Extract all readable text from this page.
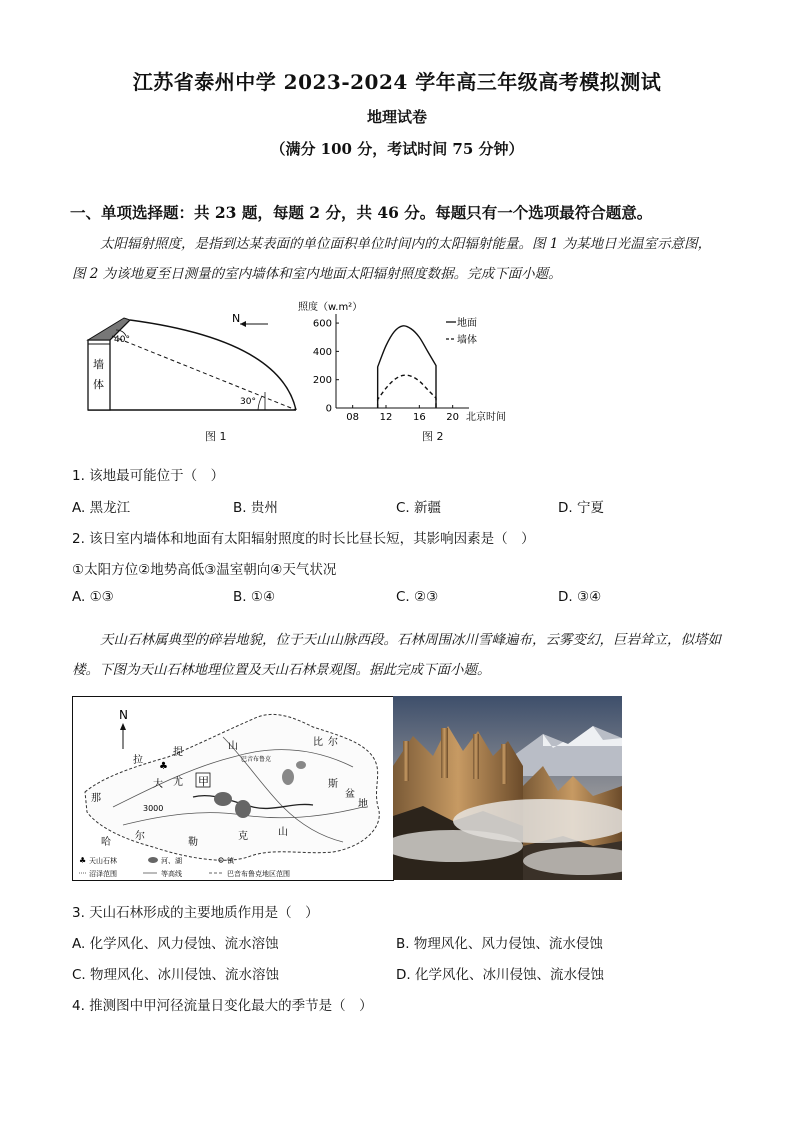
江苏省泰州中学 2023-2024 学年高三年级高考模拟测试
地理试卷
（满分 100 分，考试时间 75 分钟）
一、单项选择题：共 23 题，每题 2 分，共 46 分。每题只有一个选项最符合题意。
太阳辐射照度，是指到达某表面的单位面积单位时间内的太阳辐射能量。图 1 为某地日光温室示意图，图 2 为该地夏至日测量的室内墙体和室内地面太阳辐射照度数据。完成下面小题。
40°
30°
墙
体
N
图 1
照度（w.m²）
0
200
400
600
08 12 16 20
地面
墙体
北京时间
图 2
1. 该地最可能位于（　）
A. 黑龙江	B. 贵州	C. 新疆	D. 宁夏
2. 该日室内墙体和地面有太阳辐射照度的时长比昼长短，其影响因素是（　）
①太阳方位②地势高低③温室朝向④天气状况
A. ①③	B. ①④	C. ②③	D. ③④
天山石林属典型的碎岩地貌，位于天山山脉西段。石林周围冰川雪峰遍布，云雾变幻，巨岩耸立，似塔如楼。下图为天山石林地理位置及天山石林景观图。据此完成下面小题。
N
♣
那
拉
提
大 尤 甲
山	比 尔
巴音布鲁克
哈
尔
勒
克	山
斯
盆
地
3000
♣ 天山石林	河、湖	镇
沼泽范围	等高线	巴音布鲁克地区范围
3. 天山石林形成的主要地质作用是（　）
A. 化学风化、风力侵蚀、流水溶蚀	B. 物理风化、风力侵蚀、流水侵蚀
C. 物理风化、冰川侵蚀、流水溶蚀	D. 化学风化、冰川侵蚀、流水侵蚀
4. 推测图中甲河径流量日变化最大的季节是（　）
